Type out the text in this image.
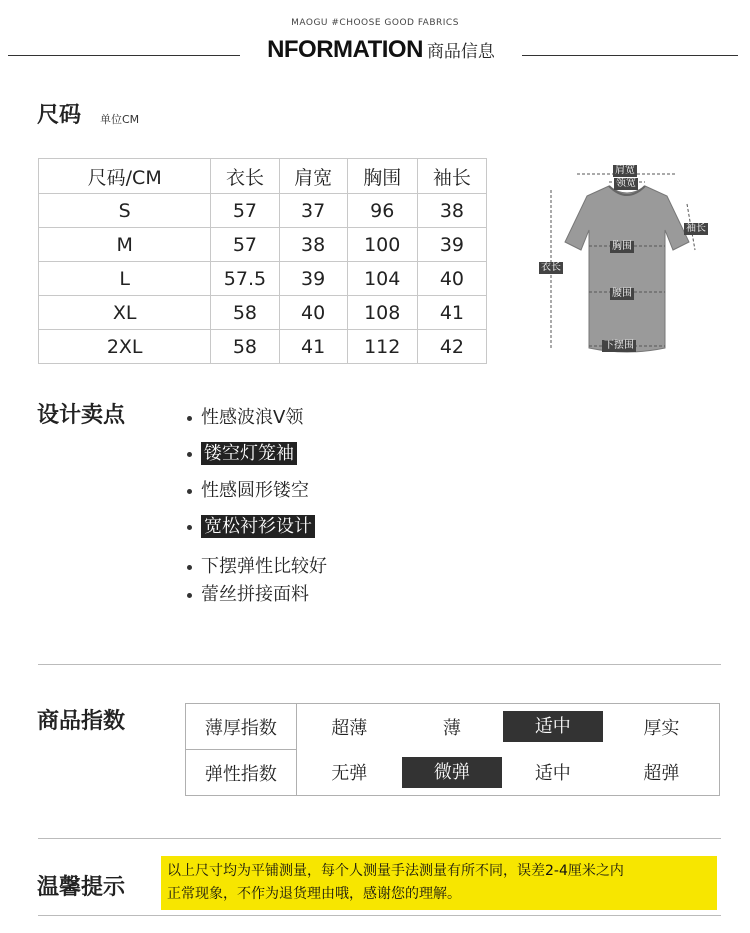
MAOGU #CHOOSE GOOD FABRICS
NFORMATION 商品信息
尺码 单位CM
尺码/CM	衣长	肩宽	胸围	袖长
S	57	37	96	38
M	57	38	100	39
L	57.5	39	104	40
XL	58	40	108	41
2XL	58	41	112	42
肩宽
领宽
袖长
胸围
衣长
腰围
下摆围
设计卖点	性感波浪V领
镂空灯笼袖
性感圆形镂空
宽松衬衫设计
下摆弹性比较好
蕾丝拼接面料
商品指数	薄厚指数	超薄	薄	适中	厚实
弹性指数	无弹	微弹	适中	超弹
温馨提示
以上尺寸均为平铺测量，每个人测量手法测量有所不同，误差2-4厘米之内
正常现象，不作为退货理由哦，感谢您的理解。
